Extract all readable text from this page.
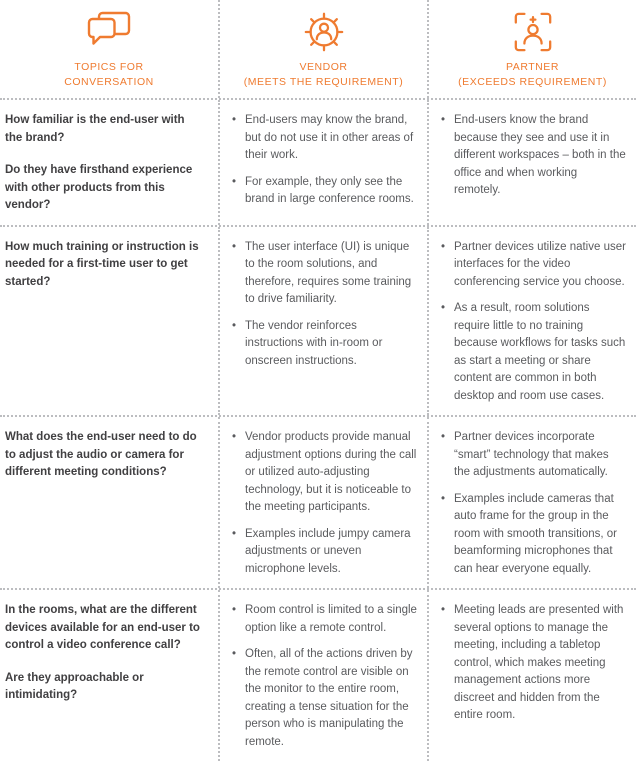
TOPICS FOR CONVERSATION
VENDOR
(MEETS THE REQUIREMENT)
PARTNER
(EXCEEDS REQUIREMENT)

How familiar is the end-user with the brand?

Do they have firsthand experience with other products from this vendor?

• End-users may know the brand, but do not use it in other areas of their work.
• For example, they only see the brand in large conference rooms.
• End-users know the brand because they see and use it in different workspaces – both in the office and when working remotely.

How much training or instruction is needed for a first-time user to get started?

• The user interface (UI) is unique to the room solutions, and therefore, requires some training to drive familiarity.
• The vendor reinforces instructions with in-room or onscreen instructions.
• Partner devices utilize native user interfaces for the video conferencing service you choose.
• As a result, room solutions require little to no training because workflows for tasks such as start a meeting or share content are common in both desktop and room use cases.

What does the end-user need to do to adjust the audio or camera for different meeting conditions?

• Vendor products provide manual adjustment options during the call or utilized auto-adjusting technology, but it is noticeable to the meeting participants.
• Examples include jumpy camera adjustments or uneven microphone levels.
• Partner devices incorporate “smart” technology that makes the adjustments automatically.
• Examples include cameras that auto frame for the group in the room with smooth transitions, or beamforming microphones that can hear everyone equally.

In the rooms, what are the different devices available for an end-user to control a video conference call?

Are they approachable or intimidating?

• Room control is limited to a single option like a remote control.
• Often, all of the actions driven by the remote control are visible on the monitor to the entire room, creating a tense situation for the person who is manipulating the remote.
• Meeting leads are presented with several options to manage the meeting, including a tabletop control, which makes meeting management actions more discreet and hidden from the entire room.
